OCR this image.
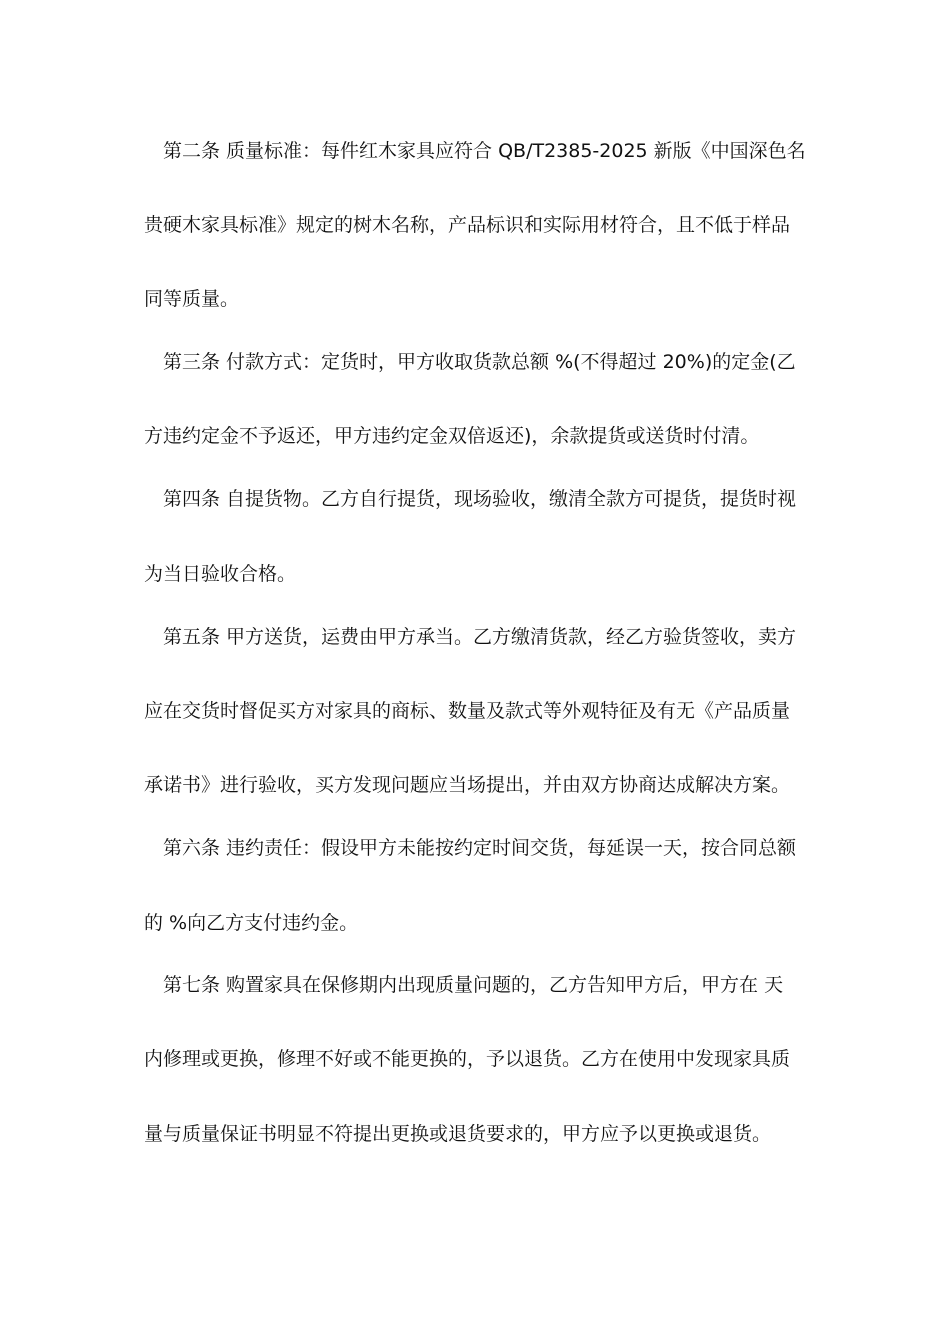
第二条 质量标准：每件红木家具应符合 QB/T2385-2025 新版《中国深色名
贵硬木家具标准》规定的树木名称，产品标识和实际用材符合，且不低于样品
同等质量。
第三条 付款方式：定货时，甲方收取货款总额 %(不得超过 20%)的定金(乙
方违约定金不予返还，甲方违约定金双倍返还)，余款提货或送货时付清。
第四条 自提货物。乙方自行提货，现场验收，缴清全款方可提货，提货时视
为当日验收合格。
第五条 甲方送货，运费由甲方承当。乙方缴清货款，经乙方验货签收，卖方
应在交货时督促买方对家具的商标、数量及款式等外观特征及有无《产品质量
承诺书》进行验收，买方发现问题应当场提出，并由双方协商达成解决方案。
第六条 违约责任：假设甲方未能按约定时间交货，每延误一天，按合同总额
的 %向乙方支付违约金。
第七条 购置家具在保修期内出现质量问题的，乙方告知甲方后，甲方在 天
内修理或更换，修理不好或不能更换的，予以退货。乙方在使用中发现家具质
量与质量保证书明显不符提出更换或退货要求的，甲方应予以更换或退货。
